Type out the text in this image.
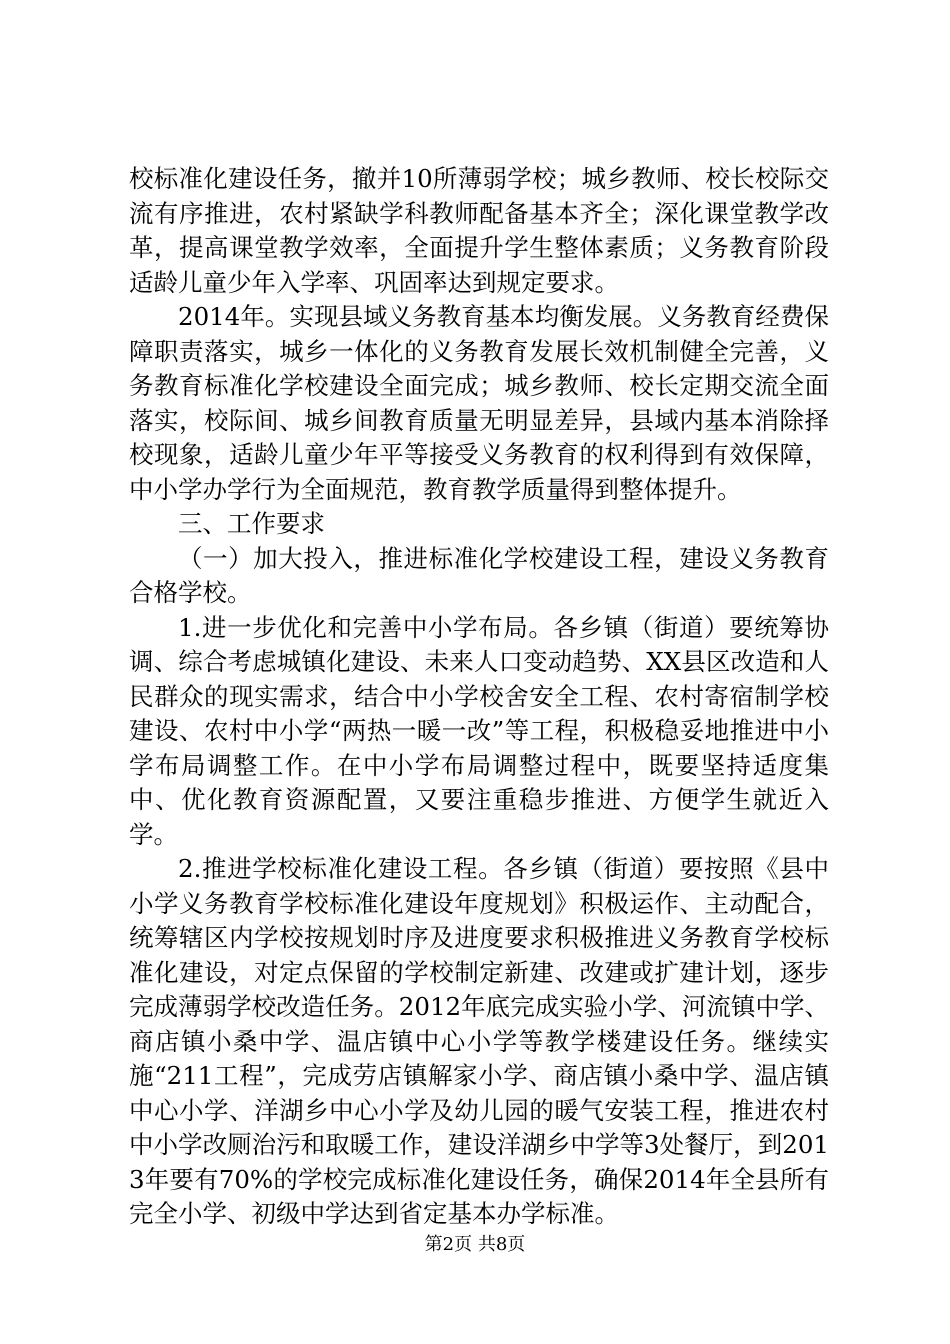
校标准化建设任务，撤并10所薄弱学校；城乡教师、校长校际交流有序推进，农村紧缺学科教师配备基本齐全；深化课堂教学改革，提高课堂教学效率，全面提升学生整体素质；义务教育阶段适龄儿童少年入学率、巩固率达到规定要求。

2014年。实现县域义务教育基本均衡发展。义务教育经费保障职责落实，城乡一体化的义务教育发展长效机制健全完善，义务教育标准化学校建设全面完成；城乡教师、校长定期交流全面落实，校际间、城乡间教育质量无明显差异，县域内基本消除择校现象，适龄儿童少年平等接受义务教育的权利得到有效保障，中小学办学行为全面规范，教育教学质量得到整体提升。

三、工作要求

（一）加大投入，推进标准化学校建设工程，建设义务教育合格学校。

1.进一步优化和完善中小学布局。各乡镇（街道）要统筹协调、综合考虑城镇化建设、未来人口变动趋势、XX县区改造和人民群众的现实需求，结合中小学校舍安全工程、农村寄宿制学校建设、农村中小学“两热一暖一改”等工程，积极稳妥地推进中小学布局调整工作。在中小学布局调整过程中，既要坚持适度集中、优化教育资源配置，又要注重稳步推进、方便学生就近入学。

2.推进学校标准化建设工程。各乡镇（街道）要按照《县中小学义务教育学校标准化建设年度规划》积极运作、主动配合，统筹辖区内学校按规划时序及进度要求积极推进义务教育学校标准化建设，对定点保留的学校制定新建、改建或扩建计划，逐步完成薄弱学校改造任务。2012年底完成实验小学、河流镇中学、商店镇小桑中学、温店镇中心小学等教学楼建设任务。继续实施“211工程”，完成劳店镇解家小学、商店镇小桑中学、温店镇中心小学、洋湖乡中心小学及幼儿园的暖气安装工程，推进农村中小学改厕治污和取暖工作，建设洋湖乡中学等3处餐厅，到2013年要有70%的学校完成标准化建设任务，确保2014年全县所有完全小学、初级中学达到省定基本办学标准。

第2页 共8页
